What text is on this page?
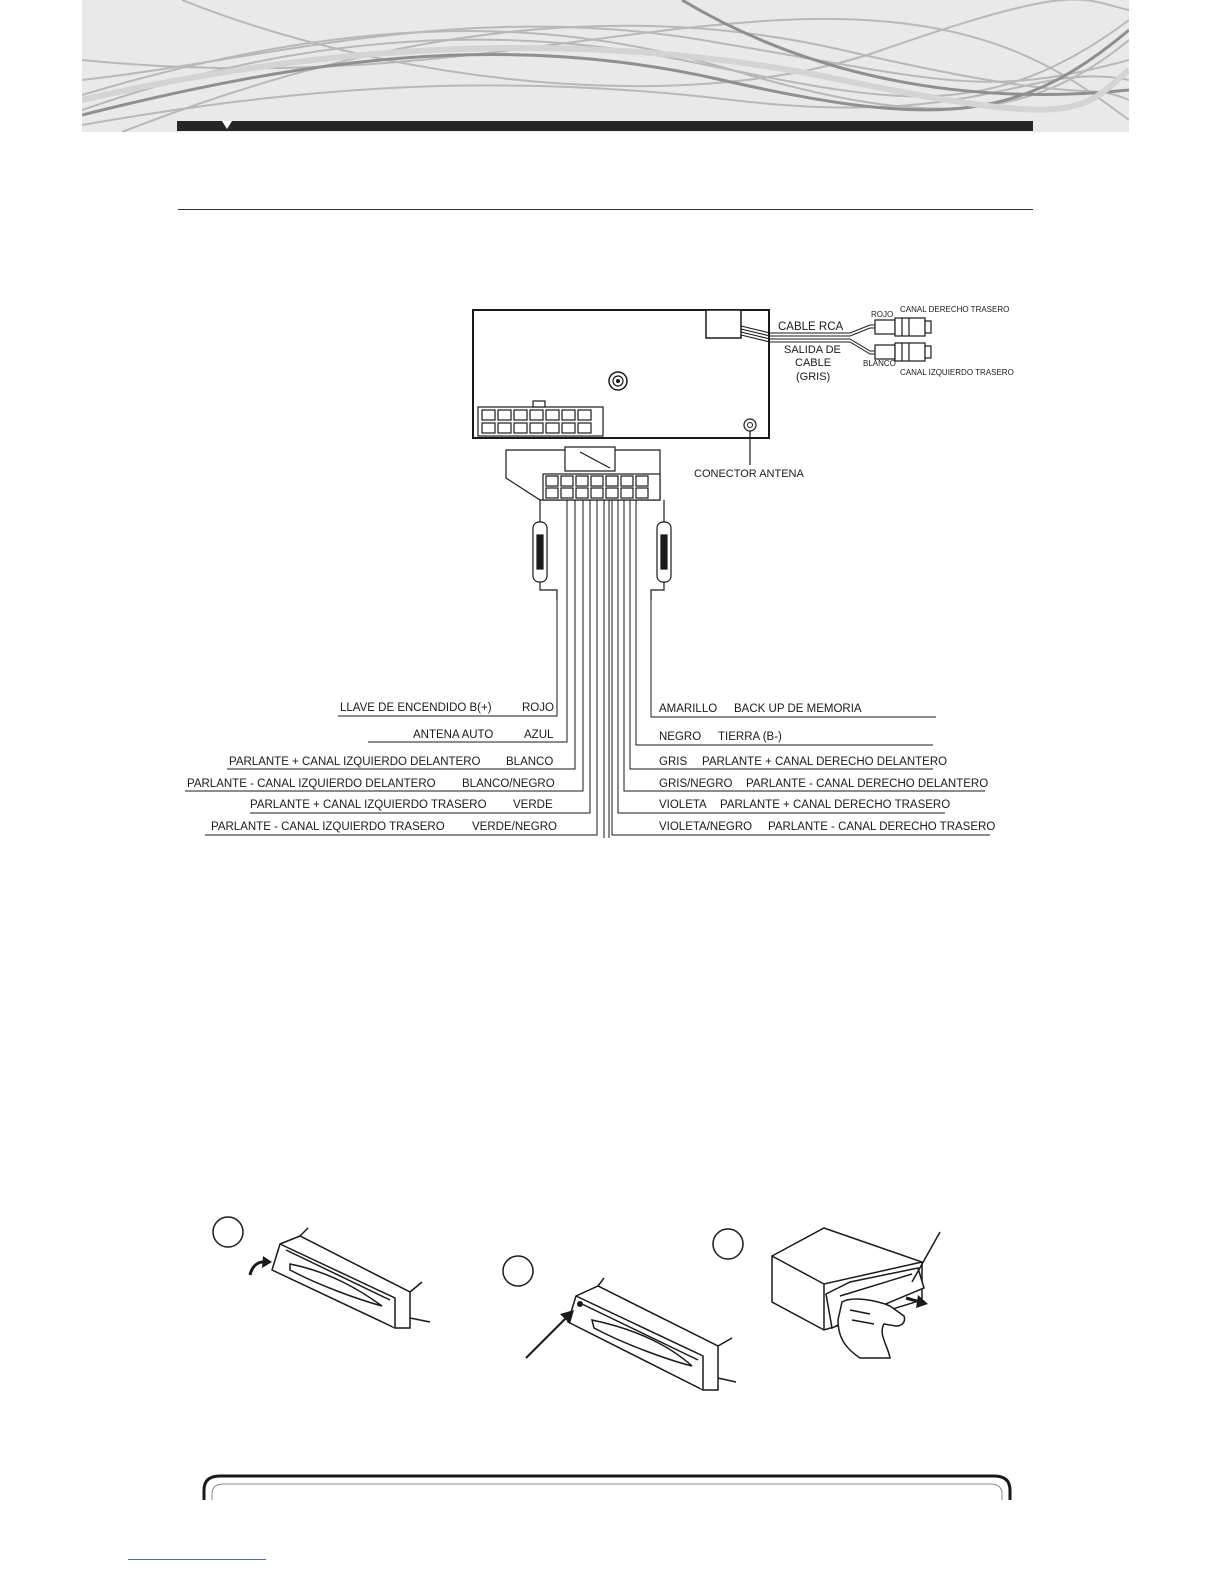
CONECTOR ANTENA
CABLE RCA
SALIDA DE
CABLE
(GRIS)
ROJO
BLANCO
CANAL DERECHO TRASERO
CANAL IZQUIERDO TRASERO
LLAVE DE ENCENDIDO B(+)	ROJO
ANTENA AUTO	AZUL
PARLANTE + CANAL IZQUIERDO DELANTERO BLANCO
PARLANTE - CANAL IZQUIERDO DELANTERO BLANCO/NEGRO
PARLANTE + CANAL IZQUIERDO TRASERO VERDE
PARLANTE - CANAL IZQUIERDO TRASERO VERDE/NEGRO
AMARILLO BACK UP DE MEMORIA
NEGRO TIERRA (B-)
GRIS PARLANTE + CANAL DERECHO DELANTERO
GRIS/NEGRO PARLANTE - CANAL DERECHO DELANTERO
VIOLETA PARLANTE + CANAL DERECHO TRASERO
VIOLETA/NEGRO PARLANTE - CANAL DERECHO TRASERO
